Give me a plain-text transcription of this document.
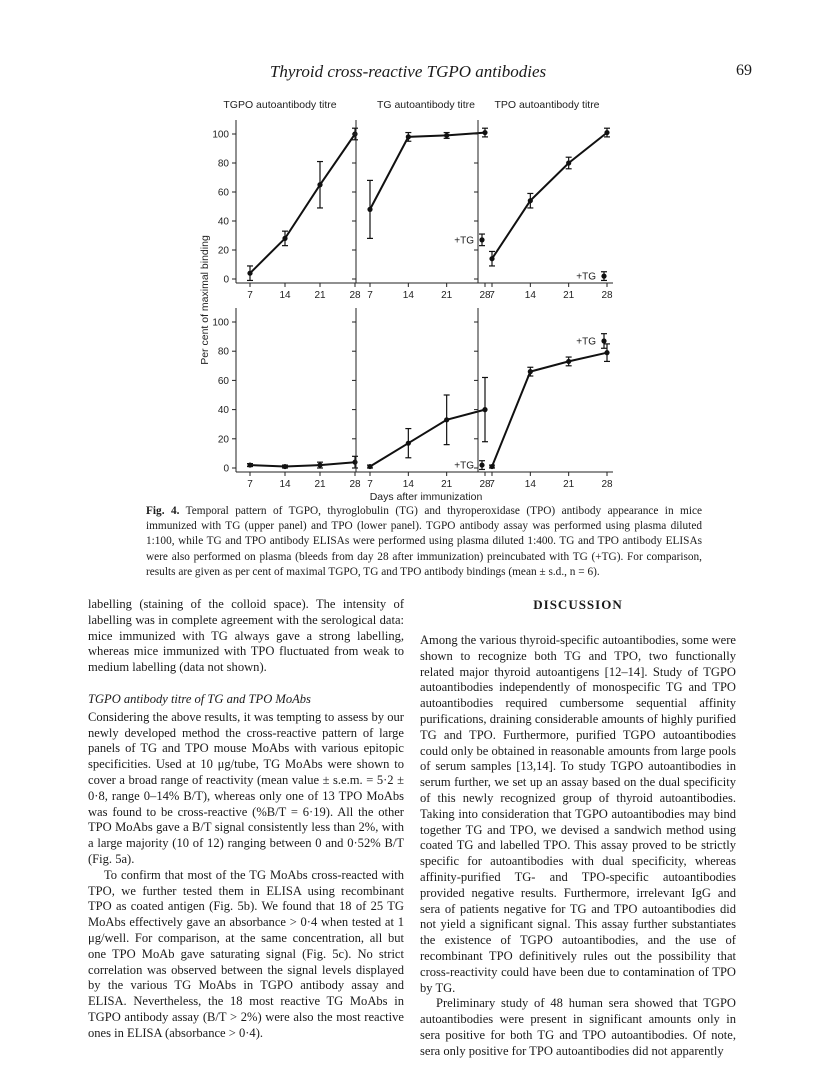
Thyroid cross-reactive TGPO antibodies	69
TGPO autoantibody titre	TG autoantibody titre TPO autoantibody titre
0
20
40
60
80
100
7	14 21 28 7	14	21	28
+TG
7	14	21	28
+TG
0
20
40
60
80
100
7	14 21 28 7	14	21	28
+TG
7	14	21	28
+TG
Per cent of maximal binding
Days after immunization

Fig. 4. Temporal pattern of TGPO, thyroglobulin (TG) and thyroperoxidase (TPO) antibody appearance in mice immunized with TG (upper panel) and TPO (lower panel). TGPO antibody assay was performed using plasma diluted 1:100, while TG and TPO antibody ELISAs were performed using plasma diluted 1:400. TG and TPO antibody ELISAs were also performed on plasma (bleeds from day 28 after immunization) preincubated with TG (+TG). For comparison, results are given as per cent of maximal TGPO, TG and TPO antibody bindings (mean ± s.d., n = 6).

labelling (staining of the colloid space). The intensity of labelling was in complete agreement with the serological data: mice immunized with TG always gave a strong labelling, whereas mice immunized with TPO fluctuated from weak to medium labelling (data not shown).

TGPO antibody titre of TG and TPO MoAbs

Considering the above results, it was tempting to assess by our newly developed method the cross-reactive pattern of large panels of TG and TPO mouse MoAbs with various epitopic specificities. Used at 10 μg/tube, TG MoAbs were shown to cover a broad range of reactivity (mean value ± s.e.m. = 5·2 ± 0·8, range 0–14% B/T), whereas only one of 13 TPO MoAbs was found to be cross-reactive (%B/T = 6·19). All the other TPO MoAbs gave a B/T signal consistently less than 2%, with a large majority (10 of 12) ranging between 0 and 0·52% B/T (Fig. 5a).

To confirm that most of the TG MoAbs cross-reacted with TPO, we further tested them in ELISA using recombinant TPO as coated antigen (Fig. 5b). We found that 18 of 25 TG MoAbs effectively gave an absorbance > 0·4 when tested at 1 μg/well. For comparison, at the same concentration, all but one TPO MoAb gave saturating signal (Fig. 5c). No strict correlation was observed between the signal levels displayed by the various TG MoAbs in TGPO antibody assay and ELISA. Nevertheless, the 18 most reactive TG MoAbs in TGPO antibody assay (B/T > 2%) were also the most reactive ones in ELISA (absorbance > 0·4).

DISCUSSION

Among the various thyroid-specific autoantibodies, some were shown to recognize both TG and TPO, two functionally related major thyroid autoantigens [12–14]. Study of TGPO autoantibodies independently of monospecific TG and TPO autoantibodies required cumbersome sequential affinity purifications, draining considerable amounts of highly purified TG and TPO. Furthermore, purified TGPO autoantibodies could only be obtained in reasonable amounts from large pools of serum samples [13,14]. To study TGPO autoantibodies in serum further, we set up an assay based on the dual specificity of this newly recognized group of thyroid autoantibodies. Taking into consideration that TGPO autoantibodies may bind together TG and TPO, we devised a sandwich method using coated TG and labelled TPO. This assay proved to be strictly specific for autoantibodies with dual specificity, whereas affinity-purified TG- and TPO-specific autoantibodies provided negative results. Furthermore, irrelevant IgG and sera of patients negative for TG and TPO autoantibodies did not yield a significant signal. This assay further substantiates the existence of TGPO autoantibodies, and the use of recombinant TPO definitively rules out the possibility that cross-reactivity could have been due to contamination of TPO by TG.

Preliminary study of 48 human sera showed that TGPO autoantibodies were present in significant amounts only in sera positive for both TG and TPO autoantibodies. Of note, sera only positive for TPO autoantibodies did not apparently
